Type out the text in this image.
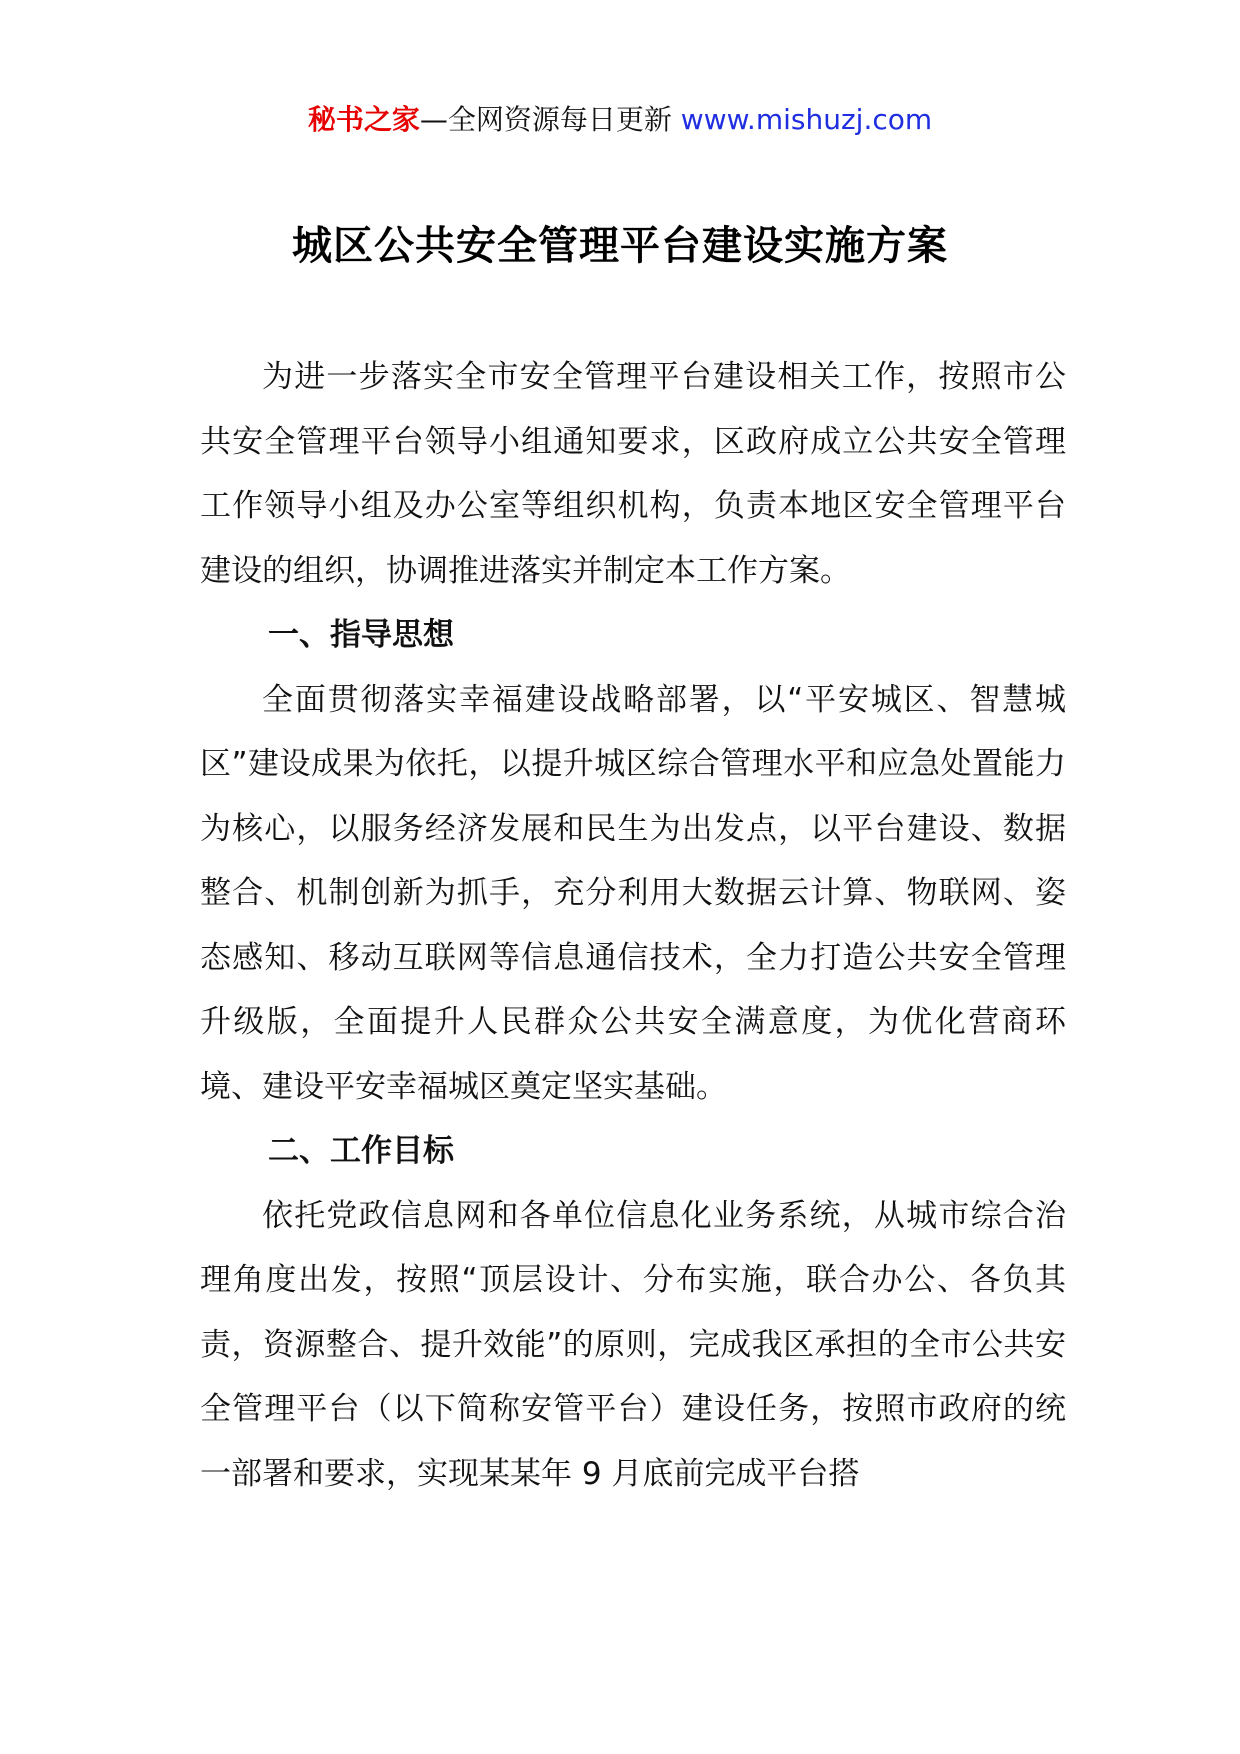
秘书之家—全网资源每日更新 www.mishuzj.com
城区公共安全管理平台建设实施方案

为进一步落实全市安全管理平台建设相关工作，按照市公共安全管理平台领导小组通知要求，区政府成立公共安全管理工作领导小组及办公室等组织机构，负责本地区安全管理平台建设的组织，协调推进落实并制定本工作方案。

一、指导思想

全面贯彻落实幸福建设战略部署，以“平安城区、智慧城区”建设成果为依托，以提升城区综合管理水平和应急处置能力为核心，以服务经济发展和民生为出发点，以平台建设、数据整合、机制创新为抓手，充分利用大数据云计算、物联网、姿态感知、移动互联网等信息通信技术，全力打造公共安全管理升级版，全面提升人民群众公共安全满意度，为优化营商环境、建设平安幸福城区奠定坚实基础。

二、工作目标

依托党政信息网和各单位信息化业务系统，从城市综合治理角度出发，按照“顶层设计、分布实施，联合办公、各负其责，资源整合、提升效能”的原则，完成我区承担的全市公共安全管理平台（以下简称安管平台）建设任务，按照市政府的统一部署和要求，实现某某年 9 月底前完成平台搭
